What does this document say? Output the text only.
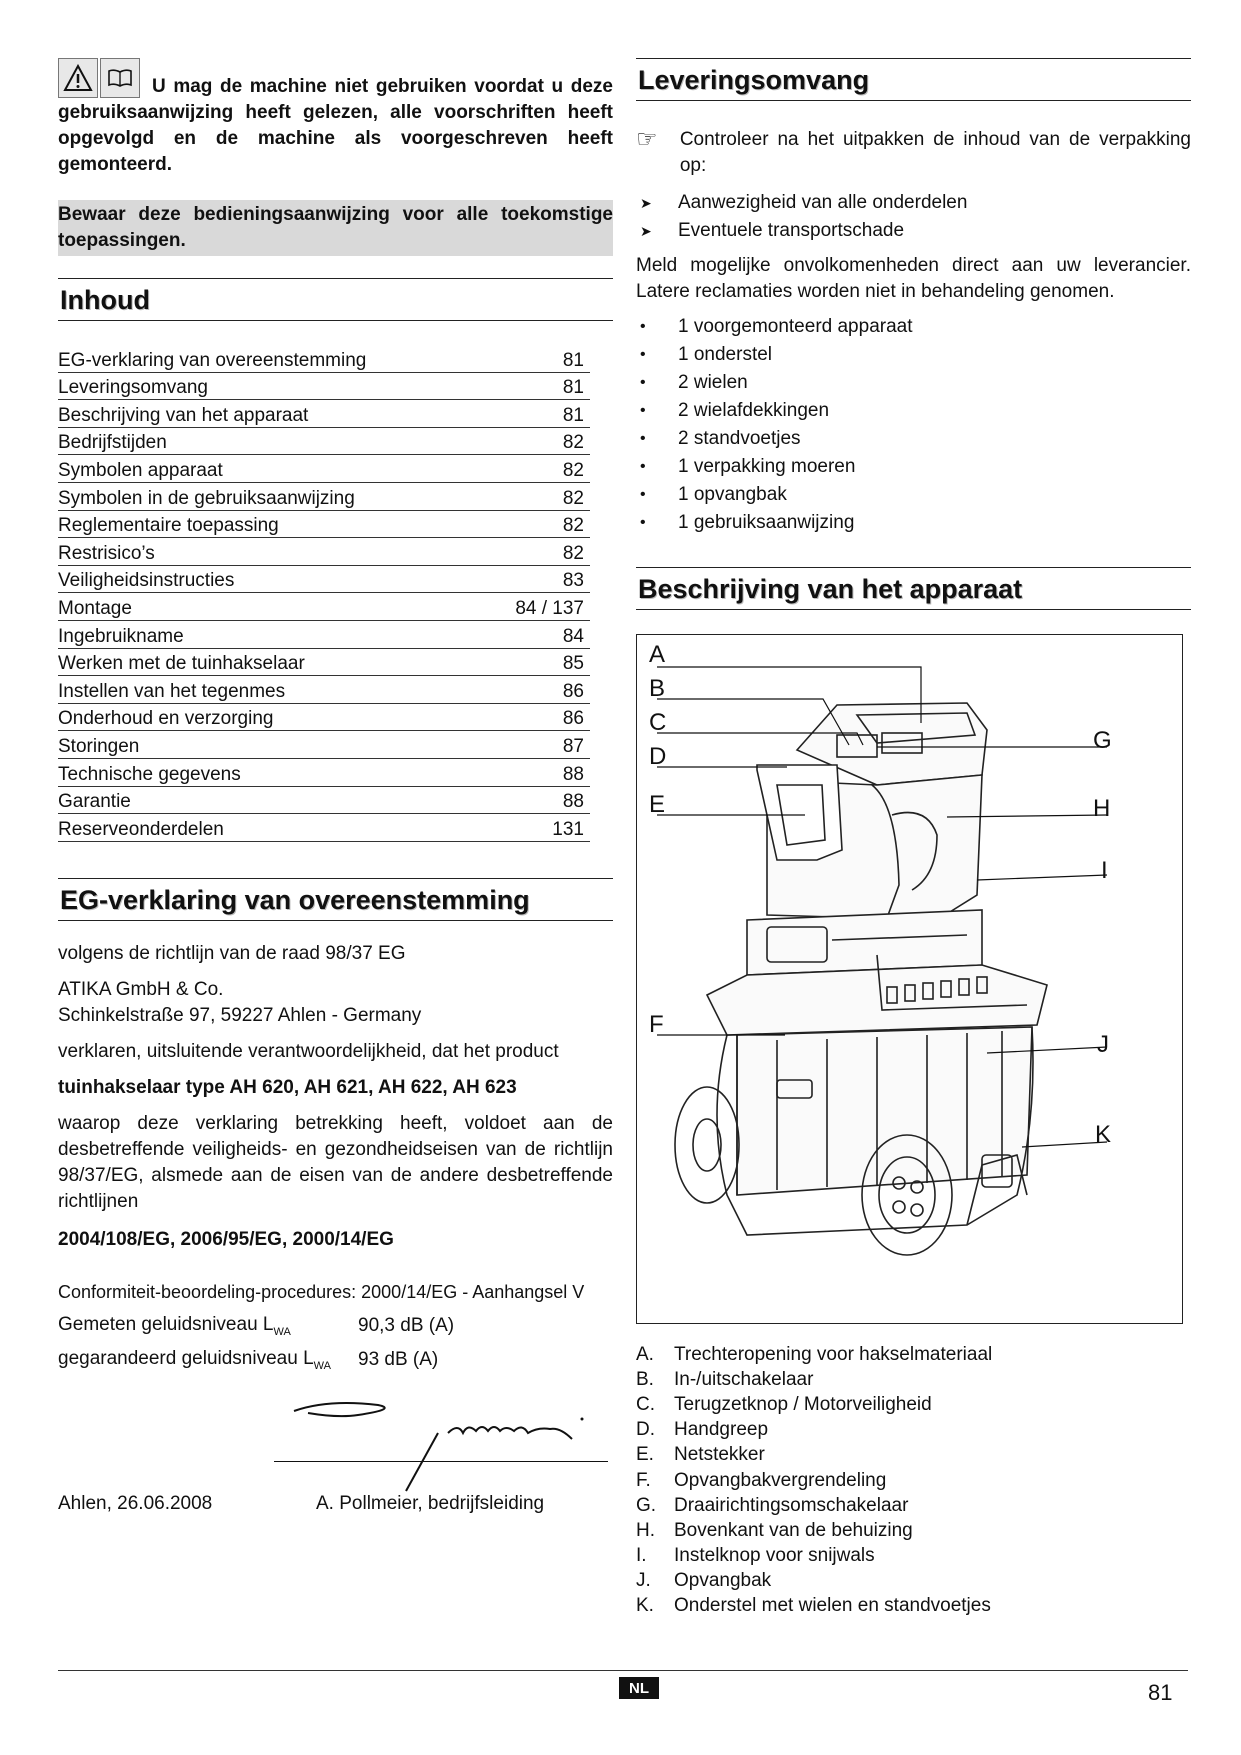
U mag de machine niet gebruiken voordat u deze gebruiksaanwijzing heeft gelezen, alle voorschriften heeft opgevolgd en de machine als voorgeschreven heeft gemonteerd.
Bewaar deze bedieningsaanwijzing voor alle toekomstige toepassingen.
Inhoud
EG-verklaring van overeenstemming	81
Leveringsomvang	81
Beschrijving van het apparaat	81
Bedrijfstijden	82
Symbolen apparaat	82
Symbolen in de gebruiksaanwijzing	82
Reglementaire toepassing	82
Restrisico’s	82
Veiligheidsinstructies	83
Montage	84 / 137
Ingebruikname	84
Werken met de tuinhakselaar	85
Instellen van het tegenmes	86
Onderhoud en verzorging	86
Storingen	87
Technische gegevens	88
Garantie	88
Reserveonderdelen	131
EG-verklaring van overeenstemming

volgens de richtlijn van de raad 98/37 EG

ATIKA GmbH & Co.

Schinkelstraße 97, 59227 Ahlen - Germany

verklaren, uitsluitende verantwoordelijkheid, dat het product

tuinhakselaar type AH 620, AH 621, AH 622, AH 623

waarop deze verklaring betrekking heeft, voldoet aan de desbetreffende veiligheids- en gezondheidseisen van de richtlijn 98/37/EG, alsmede aan de eisen van de andere desbetreffende richtlijnen

2004/108/EG, 2006/95/EG, 2000/14/EG

Conformiteit-beoordeling-procedures: 2000/14/EG - Aanhangsel V

Gemeten geluidsniveau $L_{WA}$	90,3 dB (A)
gegarandeerd geluidsniveau $L_{WA}$	93 dB (A)
Ahlen, 26.06.2008	A. Pollmeier, bedrijfsleiding
Leveringsomvang
☞	Controleer na het uitpakken de inhoud van de verpakking op:
➤	Aanwezigheid van alle onderdelen
➤	Eventuele transportschade

Meld mogelijke onvolkomenheden direct aan uw leverancier. Latere reclamaties worden niet in behandeling genomen.

•	1 voorgemonteerd apparaat
•	1 onderstel
•	2 wielen
•	2 wielafdekkingen
•	2 standvoetjes
•	1 verpakking moeren
•	1 opvangbak
•	1 gebruiksaanwijzing
Beschrijving van het apparaat
A
B
C
D
E
F
G
H
I
J
K
A.	Trechteropening voor hakselmateriaal
B.	In-/uitschakelaar
C.	Terugzetknop / Motorveiligheid
D.	Handgreep
E.	Netstekker
F.	Opvangbakvergrendeling
G. Draairichtingsomschakelaar
H.	Bovenkant van de behuizing
I.	Instelknop voor snijwals
J.	Opvangbak
K.	Onderstel met wielen en standvoetjes
NL	81
